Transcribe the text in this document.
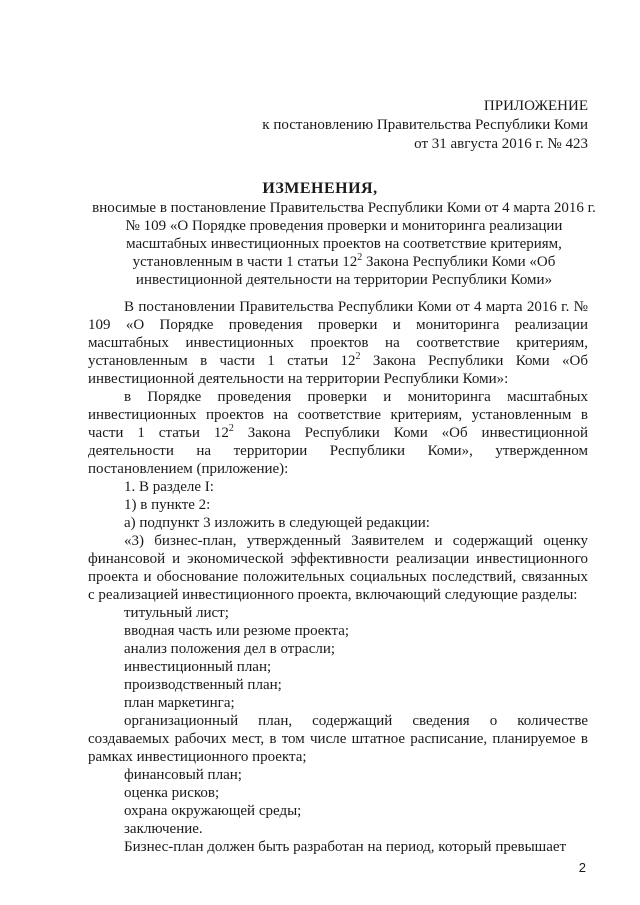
ПРИЛОЖЕНИЕ
к постановлению Правительства Республики Коми
от 31 августа 2016 г. № 423
ИЗМЕНЕНИЯ,
вносимые в постановление Правительства Республики Коми от 4 марта 2016 г. № 109 «О Порядке проведения проверки и мониторинга реализации масштабных инвестиционных проектов на соответствие критериям, установленным в части 1 статьи $12^2$ Закона Республики Коми «Об инвестиционной деятельности на территории Республики Коми»

В постановлении Правительства Республики Коми от 4 марта 2016 г. № 109 «О Порядке проведения проверки и мониторинга реализации масштабных инвестиционных проектов на соответствие критериям, установленным в части 1 статьи $12^2$ Закона Республики Коми «Об инвестиционной деятельности на территории Республики Коми»:

в Порядке проведения проверки и мониторинга масштабных инвестиционных проектов на соответствие критериям, установленным в части 1 статьи $12^2$ Закона Республики Коми «Об инвестиционной деятельности на территории Республики Коми», утвержденном постановлением (приложение):

1. В разделе I:

1) в пункте 2:

а) подпункт 3 изложить в следующей редакции:

«3) бизнес-план, утвержденный Заявителем и содержащий оценку финансовой и экономической эффективности реализации инвестиционного проекта и обоснование положительных социальных последствий, связанных с реализацией инвестиционного проекта, включающий следующие разделы:

титульный лист;

вводная часть или резюме проекта;

анализ положения дел в отрасли;

инвестиционный план;

производственный план;

план маркетинга;

организационный план, содержащий сведения о количестве создаваемых рабочих мест, в том числе штатное расписание, планируемое в рамках инвестиционного проекта;

финансовый план;

оценка рисков;

охрана окружающей среды;

заключение.

Бизнес-план должен быть разработан на период, который превышает

2
